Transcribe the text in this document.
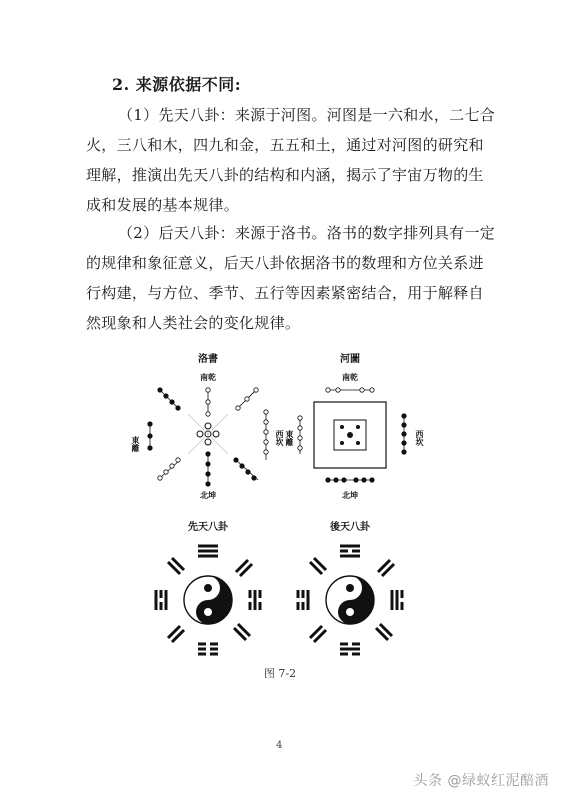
2. 来源依据不同:

（1）先天八卦：来源于河图。河图是一六和水，二七合火，三八和木，四九和金，五五和土，通过对河图的研究和理解，推演出先天八卦的结构和内涵，揭示了宇宙万物的生成和发展的基本规律。

（2）后天八卦：来源于洛书。洛书的数字排列具有一定的规律和象征意义，后天八卦依据洛书的数理和方位关系进行构建，与方位、季节、五行等因素紧密结合，用于解释自然现象和人类社会的变化规律。

洛書
南乾
北坤
東離	西坎
河圖
南乾
北坤
東離	西坎
先天八卦	後天八卦
图 7-2
4
头条 @绿蚁红泥醅酒
